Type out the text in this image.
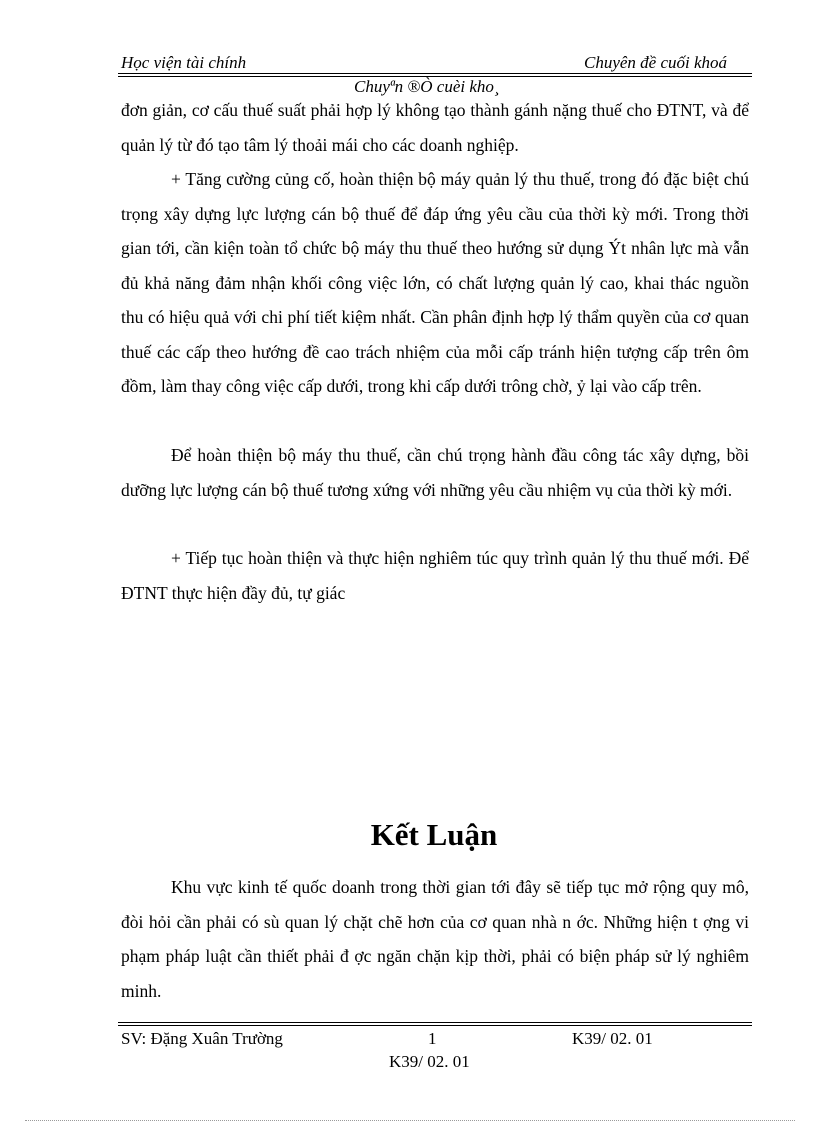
Học viện tài chính	Chuyên đề cuối khoá
Chuyªn ®Ò cuèi kho¸

đơn giản, cơ cấu thuế suất phải hợp lý không tạo thành gánh nặng thuế cho ĐTNT, và để quản lý từ đó tạo tâm lý thoải mái cho các doanh nghiệp.

+ Tăng cường củng cố, hoàn thiện bộ máy quản lý thu thuế, trong đó đặc biệt chú trọng xây dựng lực lượng cán bộ thuế để đáp ứng yêu cầu của thời kỳ mới. Trong thời gian tới, cần kiện toàn tổ chức bộ máy thu thuế theo hướng sử dụng Ýt nhân lực mà vẫn đủ khả năng đảm nhận khối công việc lớn, có chất lượng quản lý cao, khai thác nguồn thu có hiệu quả với chi phí tiết kiệm nhất. Cần phân định hợp lý thẩm quyền của cơ quan thuế các cấp theo hướng đề cao trách nhiệm của mỗi cấp tránh hiện tượng cấp trên ôm đồm, làm thay công việc cấp dưới, trong khi cấp dưới trông chờ, ỷ lại vào cấp trên.

Để hoàn thiện bộ máy thu thuế, cần chú trọng hành đầu công tác xây dựng, bồi dưỡng lực lượng cán bộ thuế tương xứng với những yêu cầu nhiệm vụ của thời kỳ mới.

+ Tiếp tục hoàn thiện và thực hiện nghiêm túc quy trình quản lý thu thuế mới. Để ĐTNT thực hiện đầy đủ, tự giác

Kết Luận

Khu vực kinh tế quốc doanh trong thời gian tới đây sẽ tiếp tục mở rộng quy mô, đòi hỏi cần phải có sù quan lý chặt chẽ hơn của cơ quan nhà n ớc. Những hiện t ợng vi phạm pháp luật cần thiết phải đ ợc ngăn chặn kịp thời, phải có biện pháp sử lý nghiêm minh.

SV: Đặng Xuân Trường	1	K39/ 02. 01
K39/ 02. 01
